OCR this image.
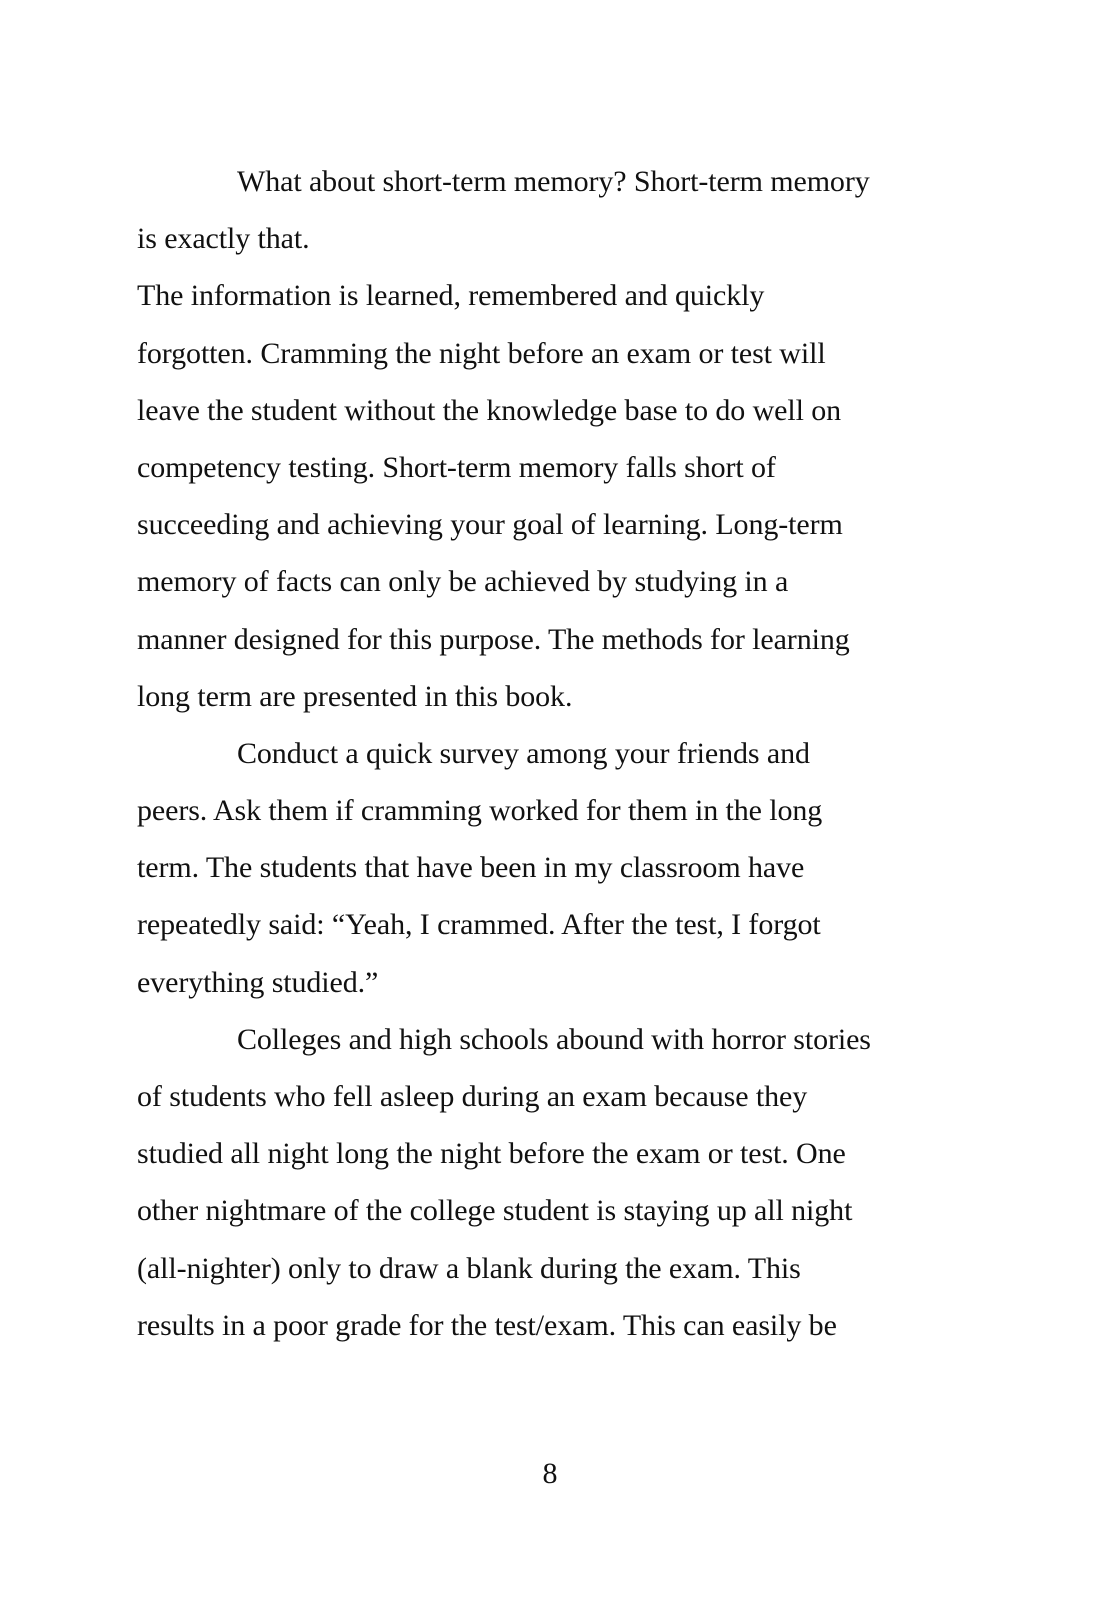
What about short-term memory? Short-term memory
is exactly that.
The information is learned, remembered and quickly
forgotten. Cramming the night before an exam or test will
leave the student without the knowledge base to do well on
competency testing. Short-term memory falls short of
succeeding and achieving your goal of learning. Long-term
memory of facts can only be achieved by studying in a
manner designed for this purpose. The methods for learning
long term are presented in this book.
Conduct a quick survey among your friends and
peers. Ask them if cramming worked for them in the long
term. The students that have been in my classroom have
repeatedly said: “Yeah, I crammed. After the test, I forgot
everything studied.”
Colleges and high schools abound with horror stories
of students who fell asleep during an exam because they
studied all night long the night before the exam or test. One
other nightmare of the college student is staying up all night
(all-nighter) only to draw a blank during the exam. This
results in a poor grade for the test/exam. This can easily be
8
